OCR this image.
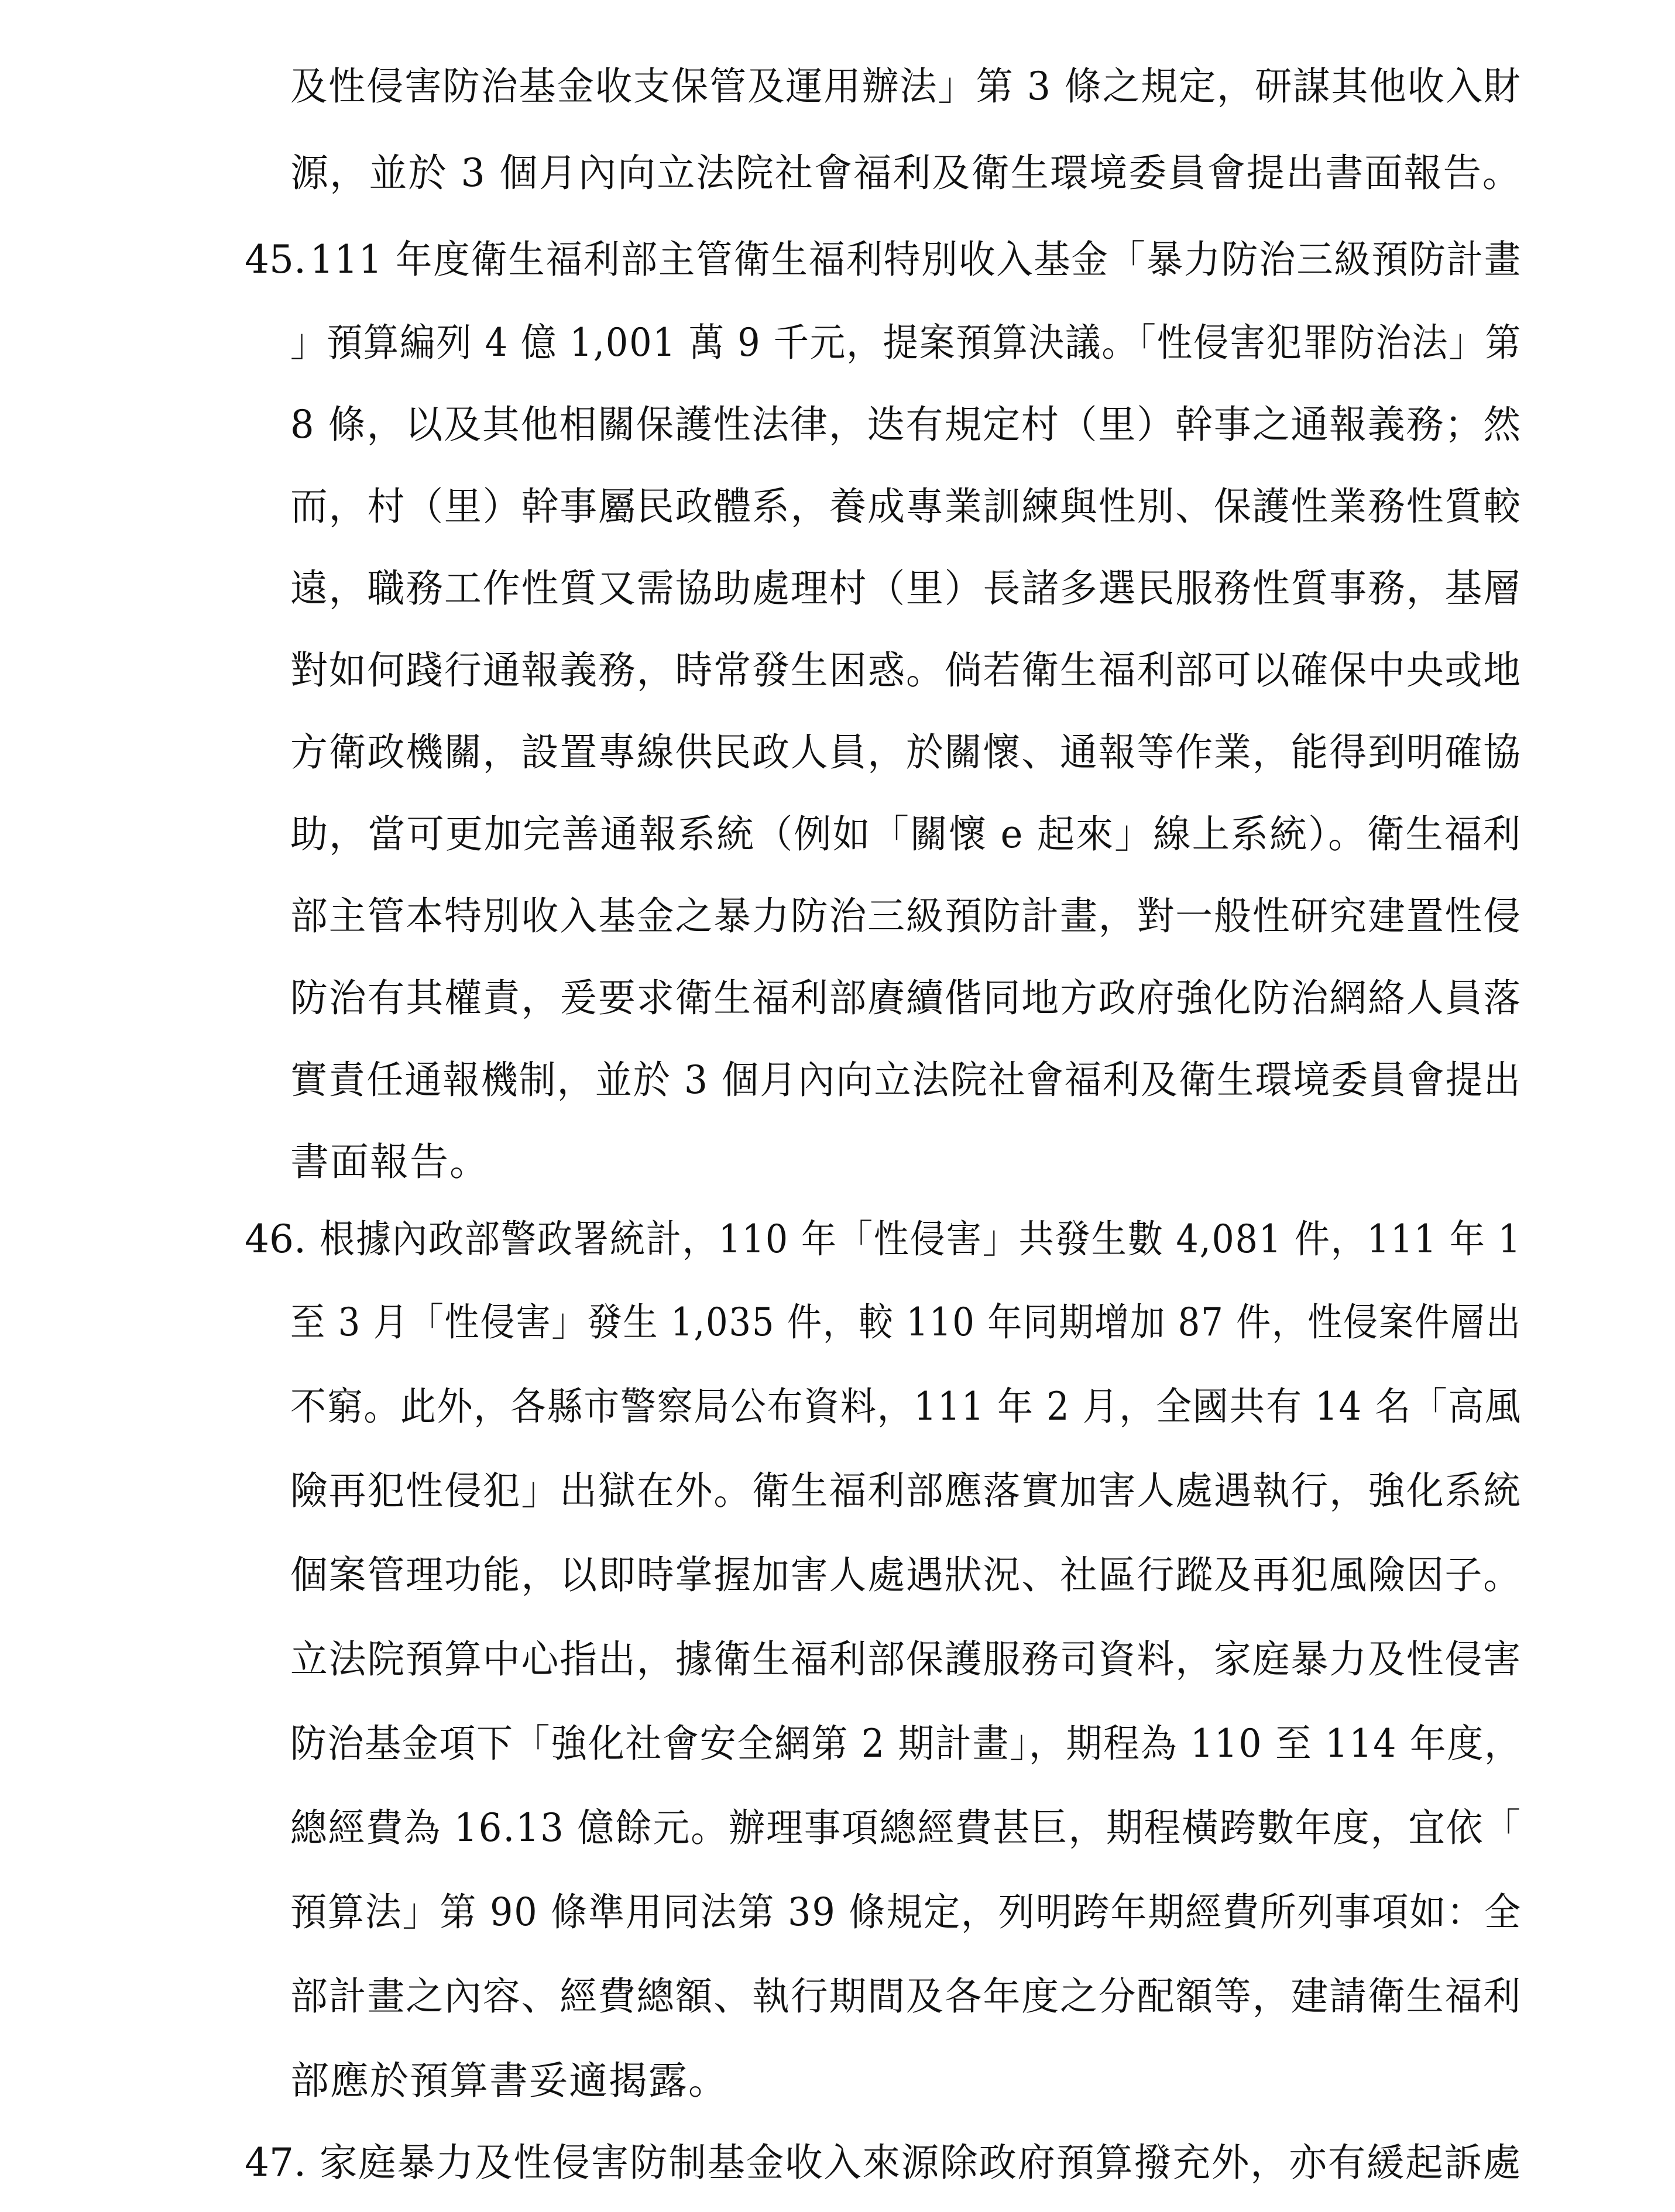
及性侵害防治基金收支保管及運用辦法」第 3 條之規定，研謀其他收入財
源，並於 3 個月內向立法院社會福利及衛生環境委員會提出書面報告。
45. 111 年度衛生福利部主管衛生福利特別收入基金「暴力防治三級預防計畫
」預算編列 4 億 1,001 萬 9 千元，提案預算決議。「性侵害犯罪防治法」第
8 條，以及其他相關保護性法律，迭有規定村（里）幹事之通報義務；然
而，村（里）幹事屬民政體系，養成專業訓練與性別、保護性業務性質較
遠，職務工作性質又需協助處理村（里）長諸多選民服務性質事務，基層
對如何踐行通報義務，時常發生困惑。倘若衛生福利部可以確保中央或地
方衛政機關，設置專線供民政人員，於關懷、通報等作業，能得到明確協
助，當可更加完善通報系統（例如「關懷 e 起來」線上系統）。衛生福利
部主管本特別收入基金之暴力防治三級預防計畫，對一般性研究建置性侵
防治有其權責，爰要求衛生福利部賡續偕同地方政府強化防治網絡人員落
實責任通報機制，並於 3 個月內向立法院社會福利及衛生環境委員會提出
書面報告。
46. 根據內政部警政署統計，110 年「性侵害」共發生數 4,081 件，111 年 1
至 3 月「性侵害」發生 1,035 件，較 110 年同期增加 87 件，性侵案件層出
不窮。此外，各縣市警察局公布資料，111 年 2 月，全國共有 14 名「高風
險再犯性侵犯」出獄在外。衛生福利部應落實加害人處遇執行，強化系統
個案管理功能，以即時掌握加害人處遇狀況、社區行蹤及再犯風險因子。
立法院預算中心指出，據衛生福利部保護服務司資料，家庭暴力及性侵害
防治基金項下「強化社會安全網第 2 期計畫」，期程為 110 至 114 年度，
總經費為 16.13 億餘元。辦理事項總經費甚巨，期程橫跨數年度，宜依「
預算法」第 90 條準用同法第 39 條規定，列明跨年期經費所列事項如：全
部計畫之內容、經費總額、執行期間及各年度之分配額等，建請衛生福利
部應於預算書妥適揭露。
47. 家庭暴力及性侵害防制基金收入來源除政府預算撥充外，亦有緩起訴處
